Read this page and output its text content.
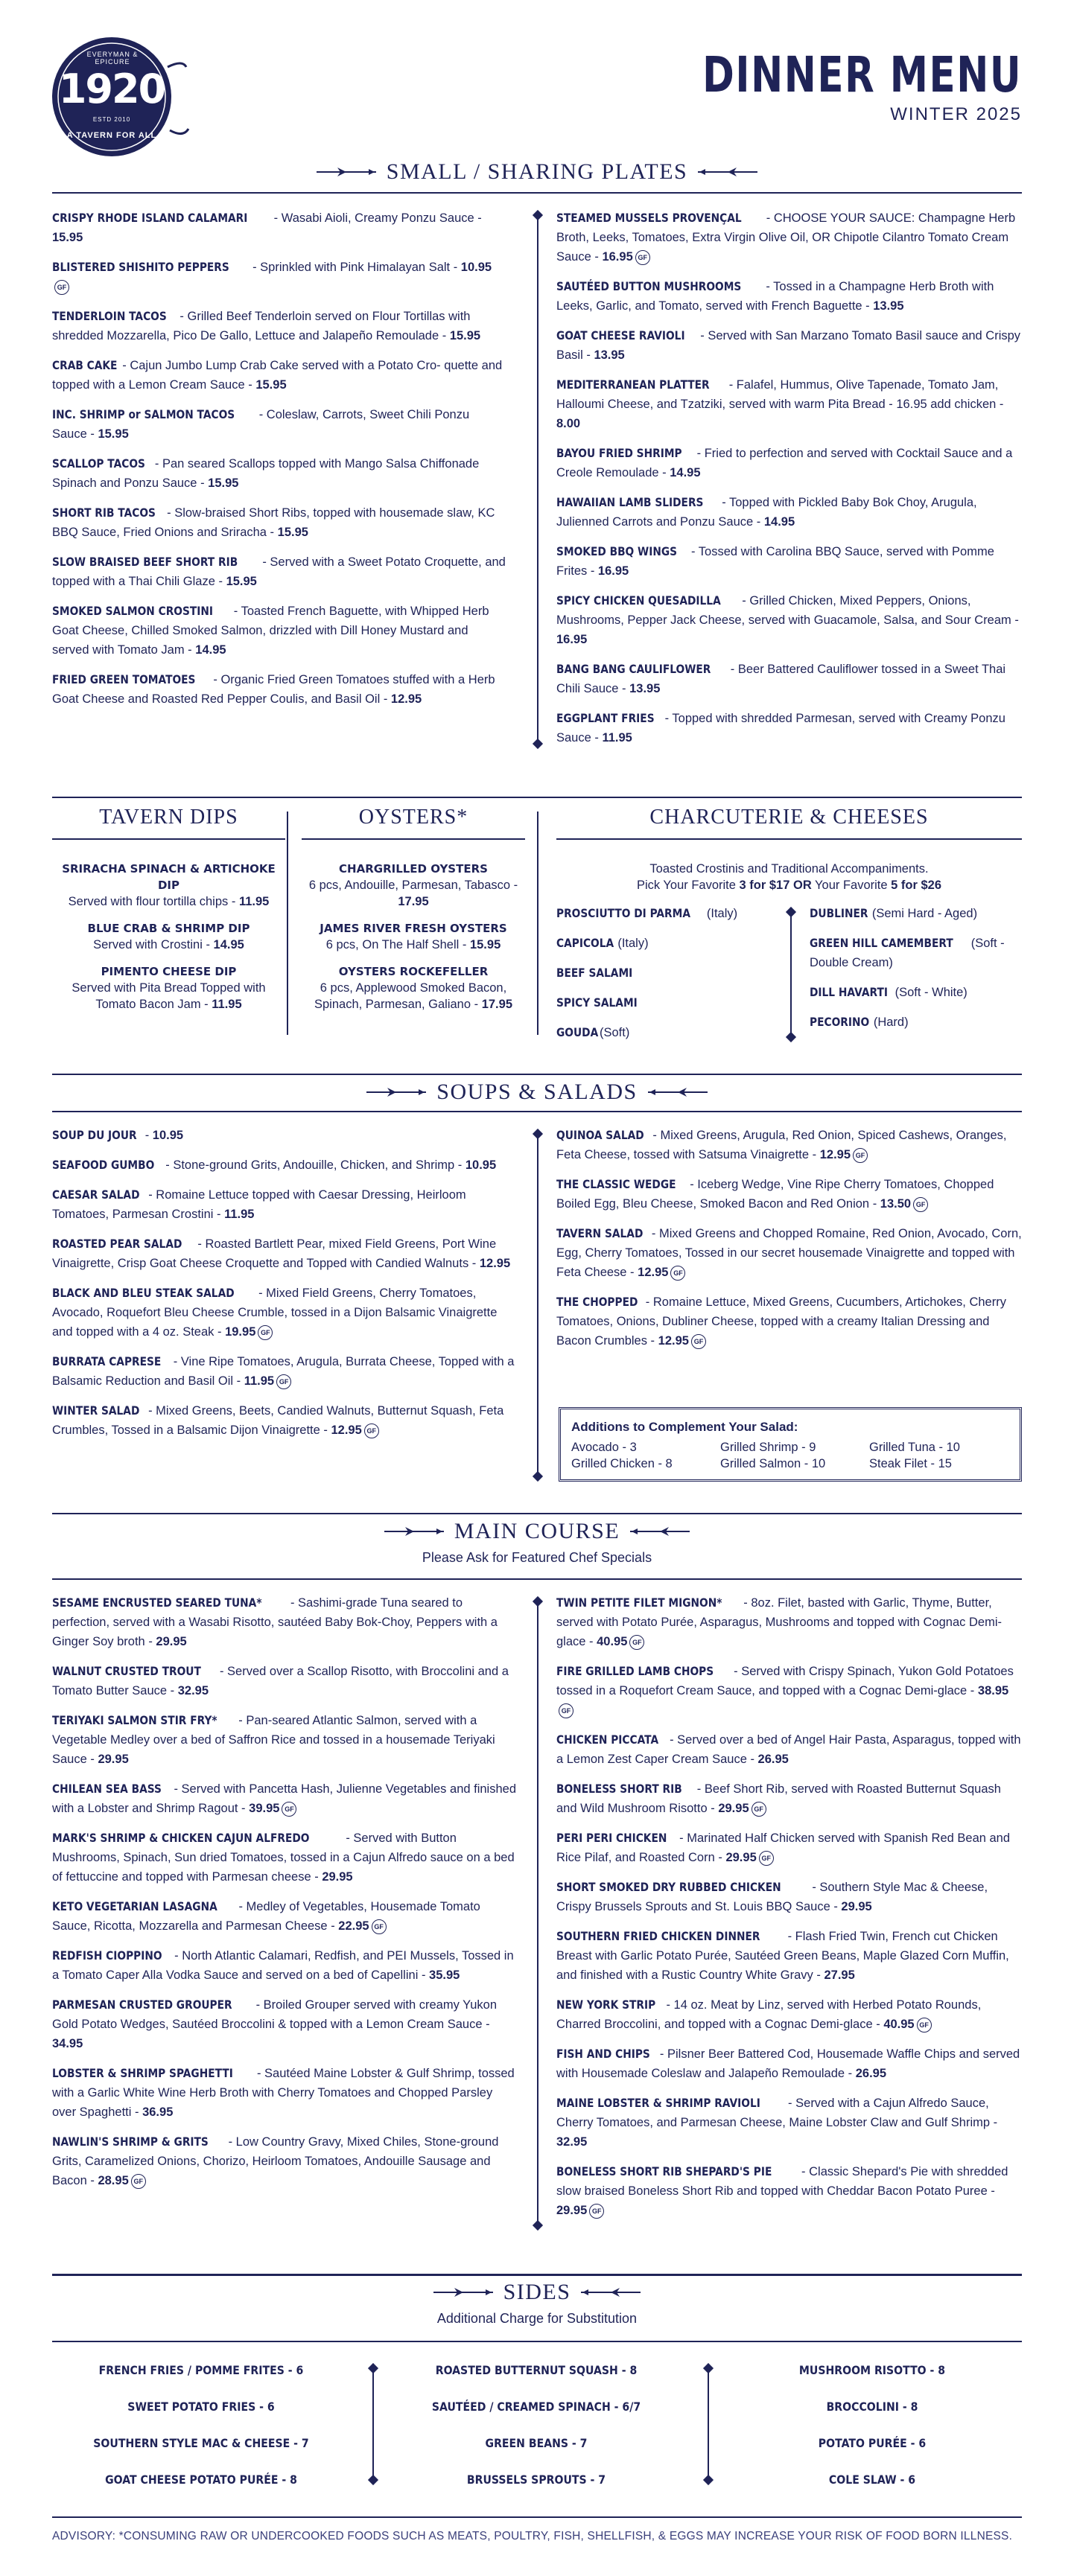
EVERYMAN & EPICURE
1920
ESTD 2010
A TAVERN FOR ALL
DINNER MENU
WINTER 2025
SMALL / SHARING PLATES
CRISPY RHODE ISLAND CALAMARI - Wasabi Aioli, Creamy Ponzu Sauce - 15.95
BLISTERED SHISHITO PEPPERS - Sprinkled with Pink Himalayan Salt - 10.95GF
TENDERLOIN TACOS - Grilled Beef Tenderloin served on Flour Tortillas with shredded Mozzarella, Pico De Gallo, Lettuce and Jalapeño Remoulade - 15.95
CRAB CAKE - Cajun Jumbo Lump Crab Cake served with a Potato Cro- quette and topped with a Lemon Cream Sauce - 15.95
INC. SHRIMP or SALMON TACOS - Coleslaw, Carrots, Sweet Chili Ponzu Sauce - 15.95
SCALLOP TACOS - Pan seared Scallops topped with Mango Salsa Chiffonade Spinach and Ponzu Sauce - 15.95
SHORT RIB TACOS - Slow-braised Short Ribs, topped with housemade slaw, KC BBQ Sauce, Fried Onions and Sriracha - 15.95
SLOW BRAISED BEEF SHORT RIB - Served with a Sweet Potato Croquette, and topped with a Thai Chili Glaze - 15.95
SMOKED SALMON CROSTINI - Toasted French Baguette, with Whipped Herb Goat Cheese, Chilled Smoked Salmon, drizzled with Dill Honey Mustard and served with Tomato Jam - 14.95
FRIED GREEN TOMATOES - Organic Fried Green Tomatoes stuffed with a Herb Goat Cheese and Roasted Red Pepper Coulis, and Basil Oil - 12.95
STEAMED MUSSELS PROVENÇAL - CHOOSE YOUR SAUCE: Champagne Herb Broth, Leeks, Tomatoes, Extra Virgin Olive Oil, OR Chipotle Cilantro Tomato Cream Sauce - 16.95 GF
SAUTÉED BUTTON MUSHROOMS - Tossed in a Champagne Herb Broth with Leeks, Garlic, and Tomato, served with French Baguette - 13.95
GOAT CHEESE RAVIOLI - Served with San Marzano Tomato Basil sauce and Crispy Basil - 13.95
MEDITERRANEAN PLATTER - Falafel, Hummus, Olive Tapenade, Tomato Jam, Halloumi Cheese, and Tzatziki, served with warm Pita Bread - 16.95 add chicken - 8.00
BAYOU FRIED SHRIMP - Fried to perfection and served with Cocktail Sauce and a Creole Remoulade - 14.95
HAWAIIAN LAMB SLIDERS - Topped with Pickled Baby Bok Choy, Arugula, Julienned Carrots and Ponzu Sauce - 14.95
SMOKED BBQ WINGS - Tossed with Carolina BBQ Sauce, served with Pomme Frites - 16.95
SPICY CHICKEN QUESADILLA - Grilled Chicken, Mixed Peppers, Onions, Mushrooms, Pepper Jack Cheese, served with Guacamole, Salsa, and Sour Cream - 16.95
BANG BANG CAULIFLOWER - Beer Battered Cauliflower tossed in a Sweet Thai Chili Sauce - 13.95
EGGPLANT FRIES - Topped with shredded Parmesan, served with Creamy Ponzu Sauce - 11.95
TAVERN DIPS
SRIRACHA SPINACH & ARTICHOKE DIP
Served with flour tortilla chips - 11.95
BLUE CRAB & SHRIMP DIP
Served with Crostini - 14.95
PIMENTO CHEESE DIP
Served with Pita Bread Topped with Tomato Bacon Jam - 11.95
OYSTERS*
CHARGRILLED OYSTERS
6 pcs, Andouille, Parmesan, Tabasco - 17.95
JAMES RIVER FRESH OYSTERS
6 pcs, On The Half Shell - 15.95
OYSTERS ROCKEFELLER
6 pcs, Applewood Smoked Bacon, Spinach, Parmesan, Galiano - 17.95
CHARCUTERIE & CHEESES
Toasted Crostinis and Traditional Accompaniments.
Pick Your Favorite 3 for $17 OR Your Favorite 5 for $26
PROSCIUTTO DI PARMA (Italy)
CAPICOLA (Italy)
BEEF SALAMI
SPICY SALAMI
GOUDA (Soft)
DUBLINER (Semi Hard - Aged)
GREEN HILL CAMEMBERT (Soft - Double Cream)
DILL HAVARTI (Soft - White)
PECORINO (Hard)
SOUPS & SALADS
SOUP DU JOUR - 10.95
SEAFOOD GUMBO - Stone-ground Grits, Andouille, Chicken, and Shrimp - 10.95
CAESAR SALAD - Romaine Lettuce topped with Caesar Dressing, Heirloom Tomatoes, Parmesan Crostini - 11.95
ROASTED PEAR SALAD - Roasted Bartlett Pear, mixed Field Greens, Port Wine Vinaigrette, Crisp Goat Cheese Croquette and Topped with Candied Walnuts - 12.95
BLACK AND BLEU STEAK SALAD - Mixed Field Greens, Cherry Tomatoes, Avocado, Roquefort Bleu Cheese Crumble, tossed in a Dijon Balsamic Vinaigrette and topped with a 4 oz. Steak - 19.95 GF
BURRATA CAPRESE - Vine Ripe Tomatoes, Arugula, Burrata Cheese, Topped with a Balsamic Reduction and Basil Oil - 11.95 GF
WINTER SALAD - Mixed Greens, Beets, Candied Walnuts, Butternut Squash, Feta Crumbles, Tossed in a Balsamic Dijon Vinaigrette - 12.95 GF
QUINOA SALAD - Mixed Greens, Arugula, Red Onion, Spiced Cashews, Oranges, Feta Cheese, tossed with Satsuma Vinaigrette - 12.95 GF
THE CLASSIC WEDGE - Iceberg Wedge, Vine Ripe Cherry Tomatoes, Chopped Boiled Egg, Bleu Cheese, Smoked Bacon and Red Onion - 13.50 GF
TAVERN SALAD - Mixed Greens and Chopped Romaine, Red Onion, Avocado, Corn, Egg, Cherry Tomatoes, Tossed in our secret housemade Vinaigrette and topped with Feta Cheese - 12.95 GF
THE CHOPPED - Romaine Lettuce, Mixed Greens, Cucumbers, Artichokes, Cherry Tomatoes, Onions, Dubliner Cheese, topped with a creamy Italian Dressing and Bacon Crumbles - 12.95 GF
Additions to Complement Your Salad:
Avocado - 3	Grilled Shrimp - 9	Grilled Tuna - 10
Grilled Chicken - 8	Grilled Salmon - 10	Steak Filet - 15
MAIN COURSE
Please Ask for Featured Chef Specials
SESAME ENCRUSTED SEARED TUNA* - Sashimi-grade Tuna seared to perfection, served with a Wasabi Risotto, sautéed Baby Bok-Choy, Peppers with a Ginger Soy broth - 29.95
WALNUT CRUSTED TROUT - Served over a Scallop Risotto, with Broccolini and a Tomato Butter Sauce - 32.95
TERIYAKI SALMON STIR FRY* - Pan-seared Atlantic Salmon, served with a Vegetable Medley over a bed of Saffron Rice and tossed in a housemade Teriyaki Sauce - 29.95
CHILEAN SEA BASS - Served with Pancetta Hash, Julienne Vegetables and finished with a Lobster and Shrimp Ragout - 39.95 GF
MARK'S SHRIMP & CHICKEN CAJUN ALFREDO	- Served with Button Mushrooms, Spinach, Sun dried Tomatoes, tossed in a Cajun Alfredo sauce on a bed of fettuccine and topped with Parmesan cheese - 29.95
KETO VEGETARIAN LASAGNA - Medley of Vegetables, Housemade Tomato Sauce, Ricotta, Mozzarella and Parmesan Cheese - 22.95 GF
REDFISH CIOPPINO - North Atlantic Calamari, Redfish, and PEI Mussels, Tossed in a Tomato Caper Alla Vodka Sauce and served on a bed of Capellini - 35.95
PARMESAN CRUSTED GROUPER - Broiled Grouper served with creamy Yukon Gold Potato Wedges, Sautéed Broccolini & topped with a Lemon Cream Sauce - 34.95
LOBSTER & SHRIMP SPAGHETTI - Sautéed Maine Lobster & Gulf Shrimp, tossed with a Garlic White Wine Herb Broth with Cherry Tomatoes and Chopped Parsley over Spaghetti - 36.95
NAWLIN'S SHRIMP & GRITS - Low Country Gravy, Mixed Chiles, Stone-ground Grits, Caramelized Onions, Chorizo, Heirloom Tomatoes, Andouille Sausage and Bacon - 28.95 GF
TWIN PETITE FILET MIGNON* - 8oz. Filet, basted with Garlic, Thyme, Butter, served with Potato Purée, Asparagus, Mushrooms and topped with Cognac Demi-glace - 40.95 GF
FIRE GRILLED LAMB CHOPS - Served with Crispy Spinach, Yukon Gold Potatoes tossed in a Roquefort Cream Sauce, and topped with a Cognac Demi-glace - 38.95GF
CHICKEN PICCATA - Served over a bed of Angel Hair Pasta, Asparagus, topped with a Lemon Zest Caper Cream Sauce - 26.95
BONELESS SHORT RIB - Beef Short Rib, served with Roasted Butternut Squash and Wild Mushroom Risotto - 29.95 GF
PERI PERI CHICKEN - Marinated Half Chicken served with Spanish Red Bean and Rice Pilaf, and Roasted Corn - 29.95 GF
SHORT SMOKED DRY RUBBED CHICKEN - Southern Style Mac & Cheese, Crispy Brussels Sprouts and St. Louis BBQ Sauce - 29.95
SOUTHERN FRIED CHICKEN DINNER - Flash Fried Twin, French cut Chicken Breast with Garlic Potato Purée, Sautéed Green Beans, Maple Glazed Corn Muffin, and finished with a Rustic Country White Gravy - 27.95
NEW YORK STRIP - 14 oz. Meat by Linz, served with Herbed Potato Rounds, Charred Broccolini, and topped with a Cognac Demi-glace - 40.95 GF
FISH AND CHIPS - Pilsner Beer Battered Cod, Housemade Waffle Chips and served with Housemade Coleslaw and Jalapeño Remoulade - 26.95
MAINE LOBSTER & SHRIMP RAVIOLI - Served with a Cajun Alfredo Sauce, Cherry Tomatoes, and Parmesan Cheese, Maine Lobster Claw and Gulf Shrimp - 32.95
BONELESS SHORT RIB SHEPARD'S PIE - Classic Shepard's Pie with shredded slow braised Boneless Short Rib and topped with Cheddar Bacon Potato Puree - 29.95 GF
SIDES
Additional Charge for Substitution
FRENCH FRIES / POMME FRITES - 6
SWEET POTATO FRIES - 6
SOUTHERN STYLE MAC & CHEESE - 7
GOAT CHEESE POTATO PURÉE - 8
ROASTED BUTTERNUT SQUASH - 8
SAUTÉED / CREAMED SPINACH - 6/7
GREEN BEANS - 7
BRUSSELS SPROUTS - 7
MUSHROOM RISOTTO - 8
BROCCOLINI - 8
POTATO PURÉE - 6
COLE SLAW - 6
ADVISORY: *CONSUMING RAW OR UNDERCOOKED FOODS SUCH AS MEATS, POULTRY, FISH, SHELLFISH, & EGGS MAY INCREASE YOUR RISK OF FOOD BORN ILLNESS.
